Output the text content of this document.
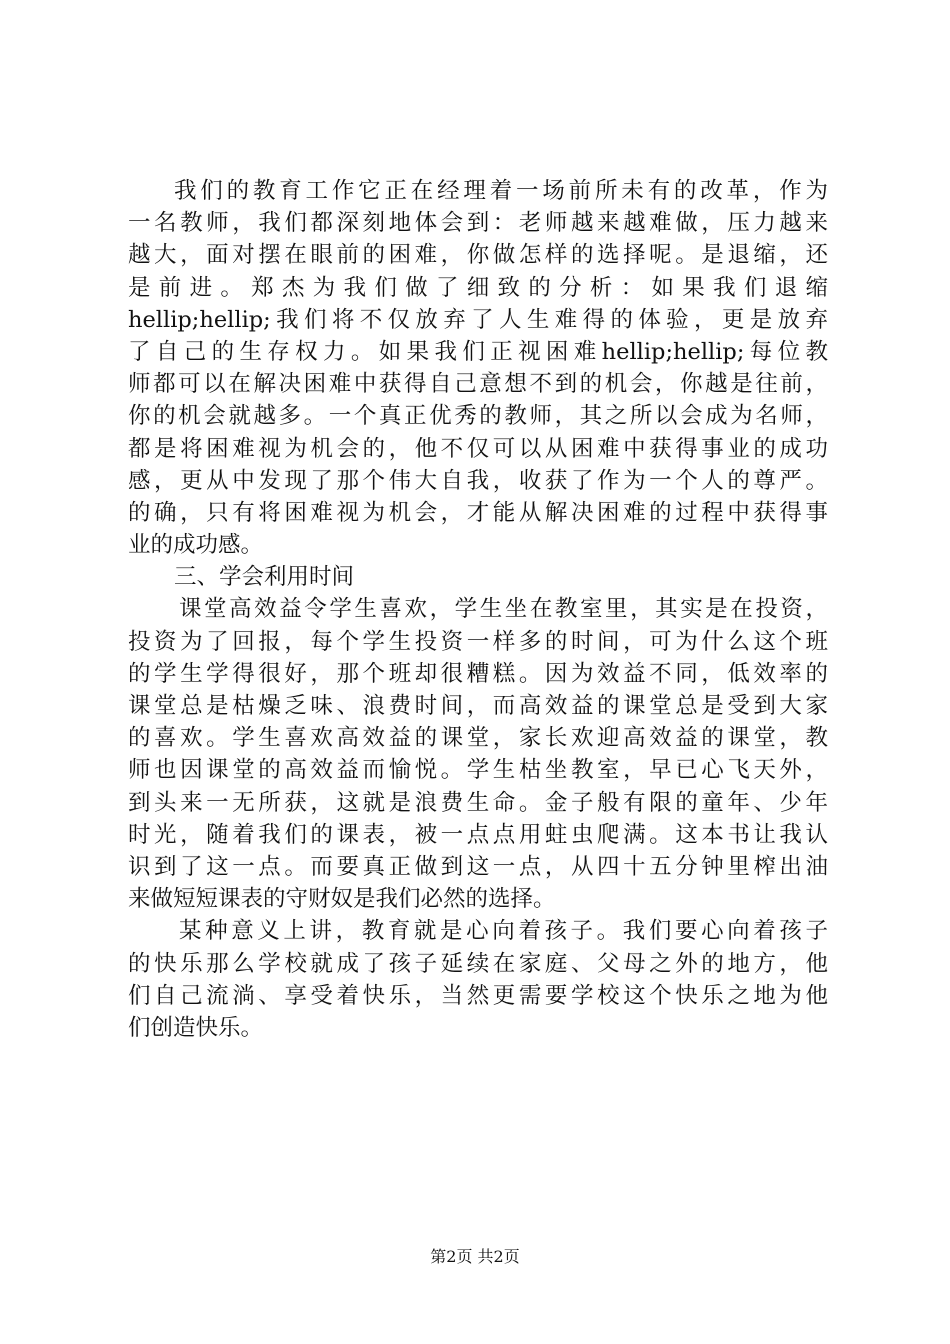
我们的教育工作它正在经理着一场前所未有的改革，作为
一名教师，我们都深刻地体会到：老师越来越难做，压力越来
越大，面对摆在眼前的困难，你做怎样的选择呢。是退缩，还
是前进。郑杰为我们做了细致的分析：如果我们退缩
hellip;hellip;我们将不仅放弃了人生难得的体验，更是放弃
了自己的生存权力。如果我们正视困难hellip;hellip;每位教
师都可以在解决困难中获得自己意想不到的机会，你越是往前，
你的机会就越多。一个真正优秀的教师，其之所以会成为名师，
都是将困难视为机会的，他不仅可以从困难中获得事业的成功
感，更从中发现了那个伟大自我，收获了作为一个人的尊严。
的确，只有将困难视为机会，才能从解决困难的过程中获得事
业的成功感。
三、学会利用时间
课堂高效益令学生喜欢，学生坐在教室里，其实是在投资，
投资为了回报，每个学生投资一样多的时间，可为什么这个班
的学生学得很好，那个班却很糟糕。因为效益不同，低效率的
课堂总是枯燥乏味、浪费时间，而高效益的课堂总是受到大家
的喜欢。学生喜欢高效益的课堂，家长欢迎高效益的课堂，教
师也因课堂的高效益而愉悦。学生枯坐教室，早已心飞天外，
到头来一无所获，这就是浪费生命。金子般有限的童年、少年
时光，随着我们的课表，被一点点用蛀虫爬满。这本书让我认
识到了这一点。而要真正做到这一点，从四十五分钟里榨出油
来做短短课表的守财奴是我们必然的选择。
某种意义上讲，教育就是心向着孩子。我们要心向着孩子
的快乐那么学校就成了孩子延续在家庭、父母之外的地方，他
们自己流淌、享受着快乐，当然更需要学校这个快乐之地为他
们创造快乐。
第2页 共2页
